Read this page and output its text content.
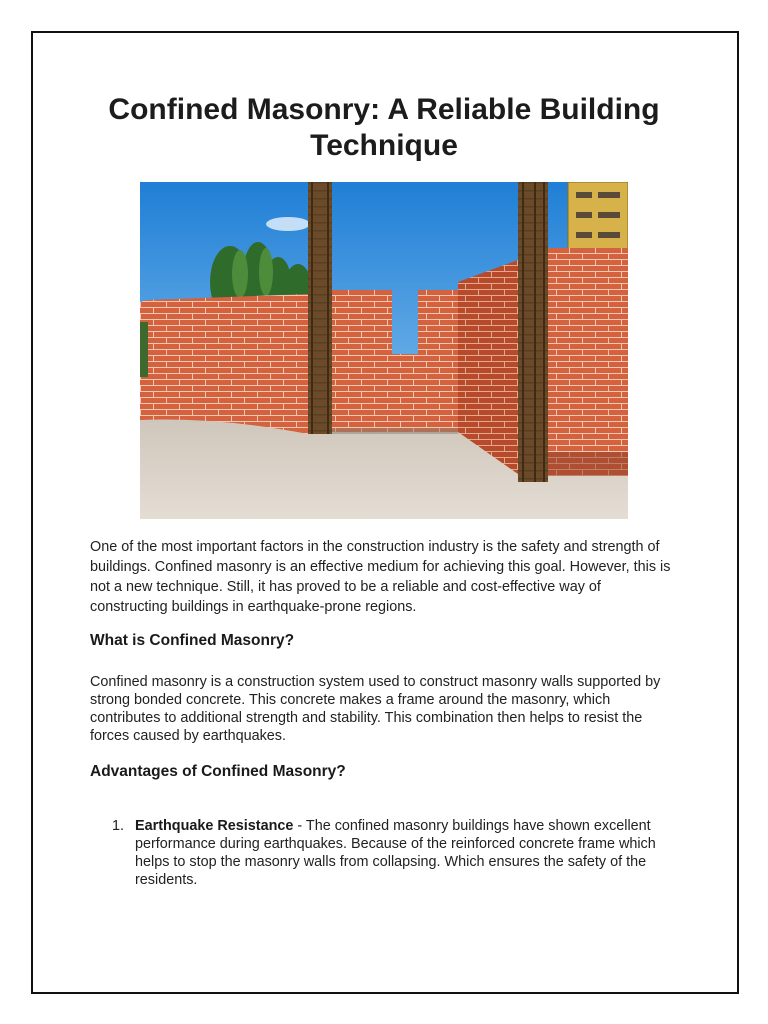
Confined Masonry: A Reliable Building Technique

One of the most important factors in the construction industry is the safety and strength of buildings. Confined masonry is an effective medium for achieving this goal. However, this is not a new technique. Still, it has proved to be a reliable and cost-effective way of constructing buildings in earthquake-prone regions.

What is Confined Masonry?

Confined masonry is a construction system used to construct masonry walls supported by strong bonded concrete. This concrete makes a frame around the masonry, which contributes to additional strength and stability. This combination then helps to resist the forces caused by earthquakes.

Advantages of Confined Masonry?
1. Earthquake Resistance - The confined masonry buildings have shown excellent performance during earthquakes. Because of the reinforced concrete frame which helps to stop the masonry walls from collapsing. Which ensures the safety of the residents.
